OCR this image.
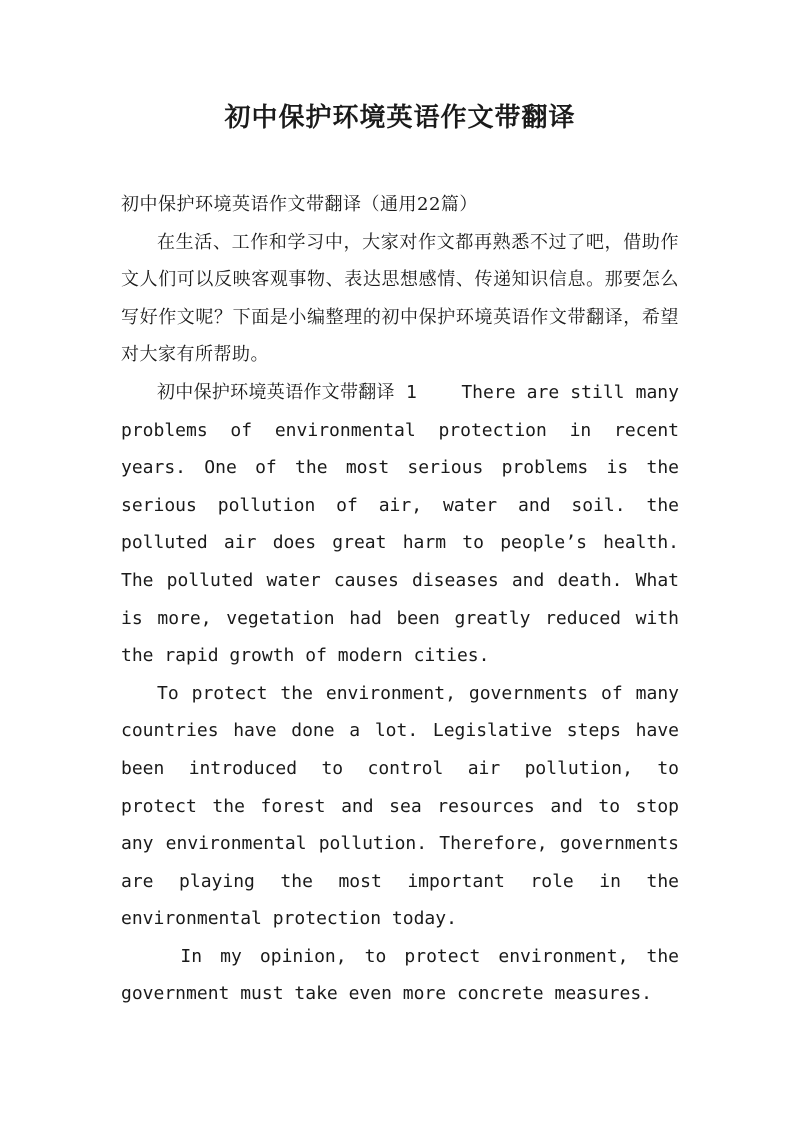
初中保护环境英语作文带翻译

初中保护环境英语作文带翻译（通用22篇）

在生活、工作和学习中，大家对作文都再熟悉不过了吧，借助作文人们可以反映客观事物、表达思想感情、传递知识信息。那要怎么写好作文呢？下面是小编整理的初中保护环境英语作文带翻译，希望对大家有所帮助。

初中保护环境英语作文带翻译 1 There are still many problems of environmental protection in recent years. One of the most serious problems is the serious pollution of air, water and soil. the polluted air does great harm to people’s health. The polluted water causes diseases and death. What is more, vegetation had been greatly reduced with the rapid growth of modern cities.

To protect the environment, governments of many countries have done a lot. Legislative steps have been introduced to control air pollution, to protect the forest and sea resources and to stop any environmental pollution. Therefore, governments are playing the most important role in the environmental protection today.

In my opinion, to protect environment, the government must take even more concrete measures.
